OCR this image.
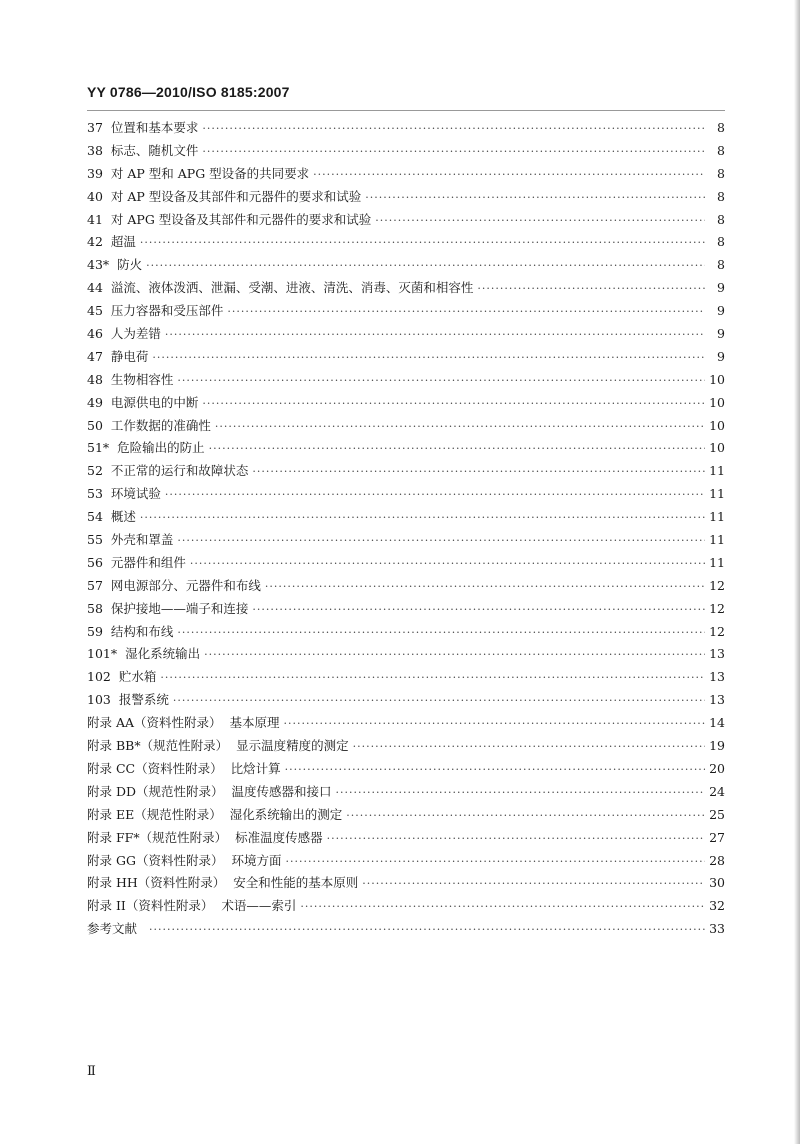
YY 0786—2010/ISO 8185:2007
37 位置和基本要求 ·····	8
38 标志、随机文件 ·····	8
39 对 AP 型和 APG 型设备的共同要求 ·····	8
40 对 AP 型设备及其部件和元器件的要求和试验 ·····	8
41 对 APG 型设备及其部件和元器件的要求和试验 ·····	8
42 超温 ·····	8
43* 防火 ·····	8
44 溢流、液体泼洒、泄漏、受潮、进液、清洗、消毒、灭菌和相容性 ·····	9
45 压力容器和受压部件 ·····	9
46 人为差错 ·····	9
47 静电荷 ·····	9
48 生物相容性 ·····	10
49 电源供电的中断 ·····	10
50 工作数据的准确性 ·····	10
51* 危险输出的防止 ·····	10
52 不正常的运行和故障状态 ·····	11
53 环境试验 ·····	11
54 概述 ·····	11
55 外壳和罩盖 ·····	11
56 元器件和组件 ·····	11
57 网电源部分、元器件和布线 ·····	12
58 保护接地——端子和连接 ·····	12
59 结构和布线 ·····	12
101* 湿化系统输出 ·····	13
102 贮水箱 ·····	13
103 报警系统 ·····	13
附录 AA（资料性附录） 基本原理 ·····	14
附录 BB*（规范性附录） 显示温度精度的测定 ·····	19
附录 CC（资料性附录） 比焓计算 ·····	20
附录 DD（规范性附录） 温度传感器和接口 ·····	24
附录 EE（规范性附录） 湿化系统输出的测定 ·····	25
附录 FF*（规范性附录） 标准温度传感器 ·····	27
附录 GG（资料性附录） 环境方面 ·····	28
附录 HH（资料性附录） 安全和性能的基本原则 ·····	30
附录 II（资料性附录） 术语——索引 ·····	32
参考文献 ·····	33
Ⅱ
